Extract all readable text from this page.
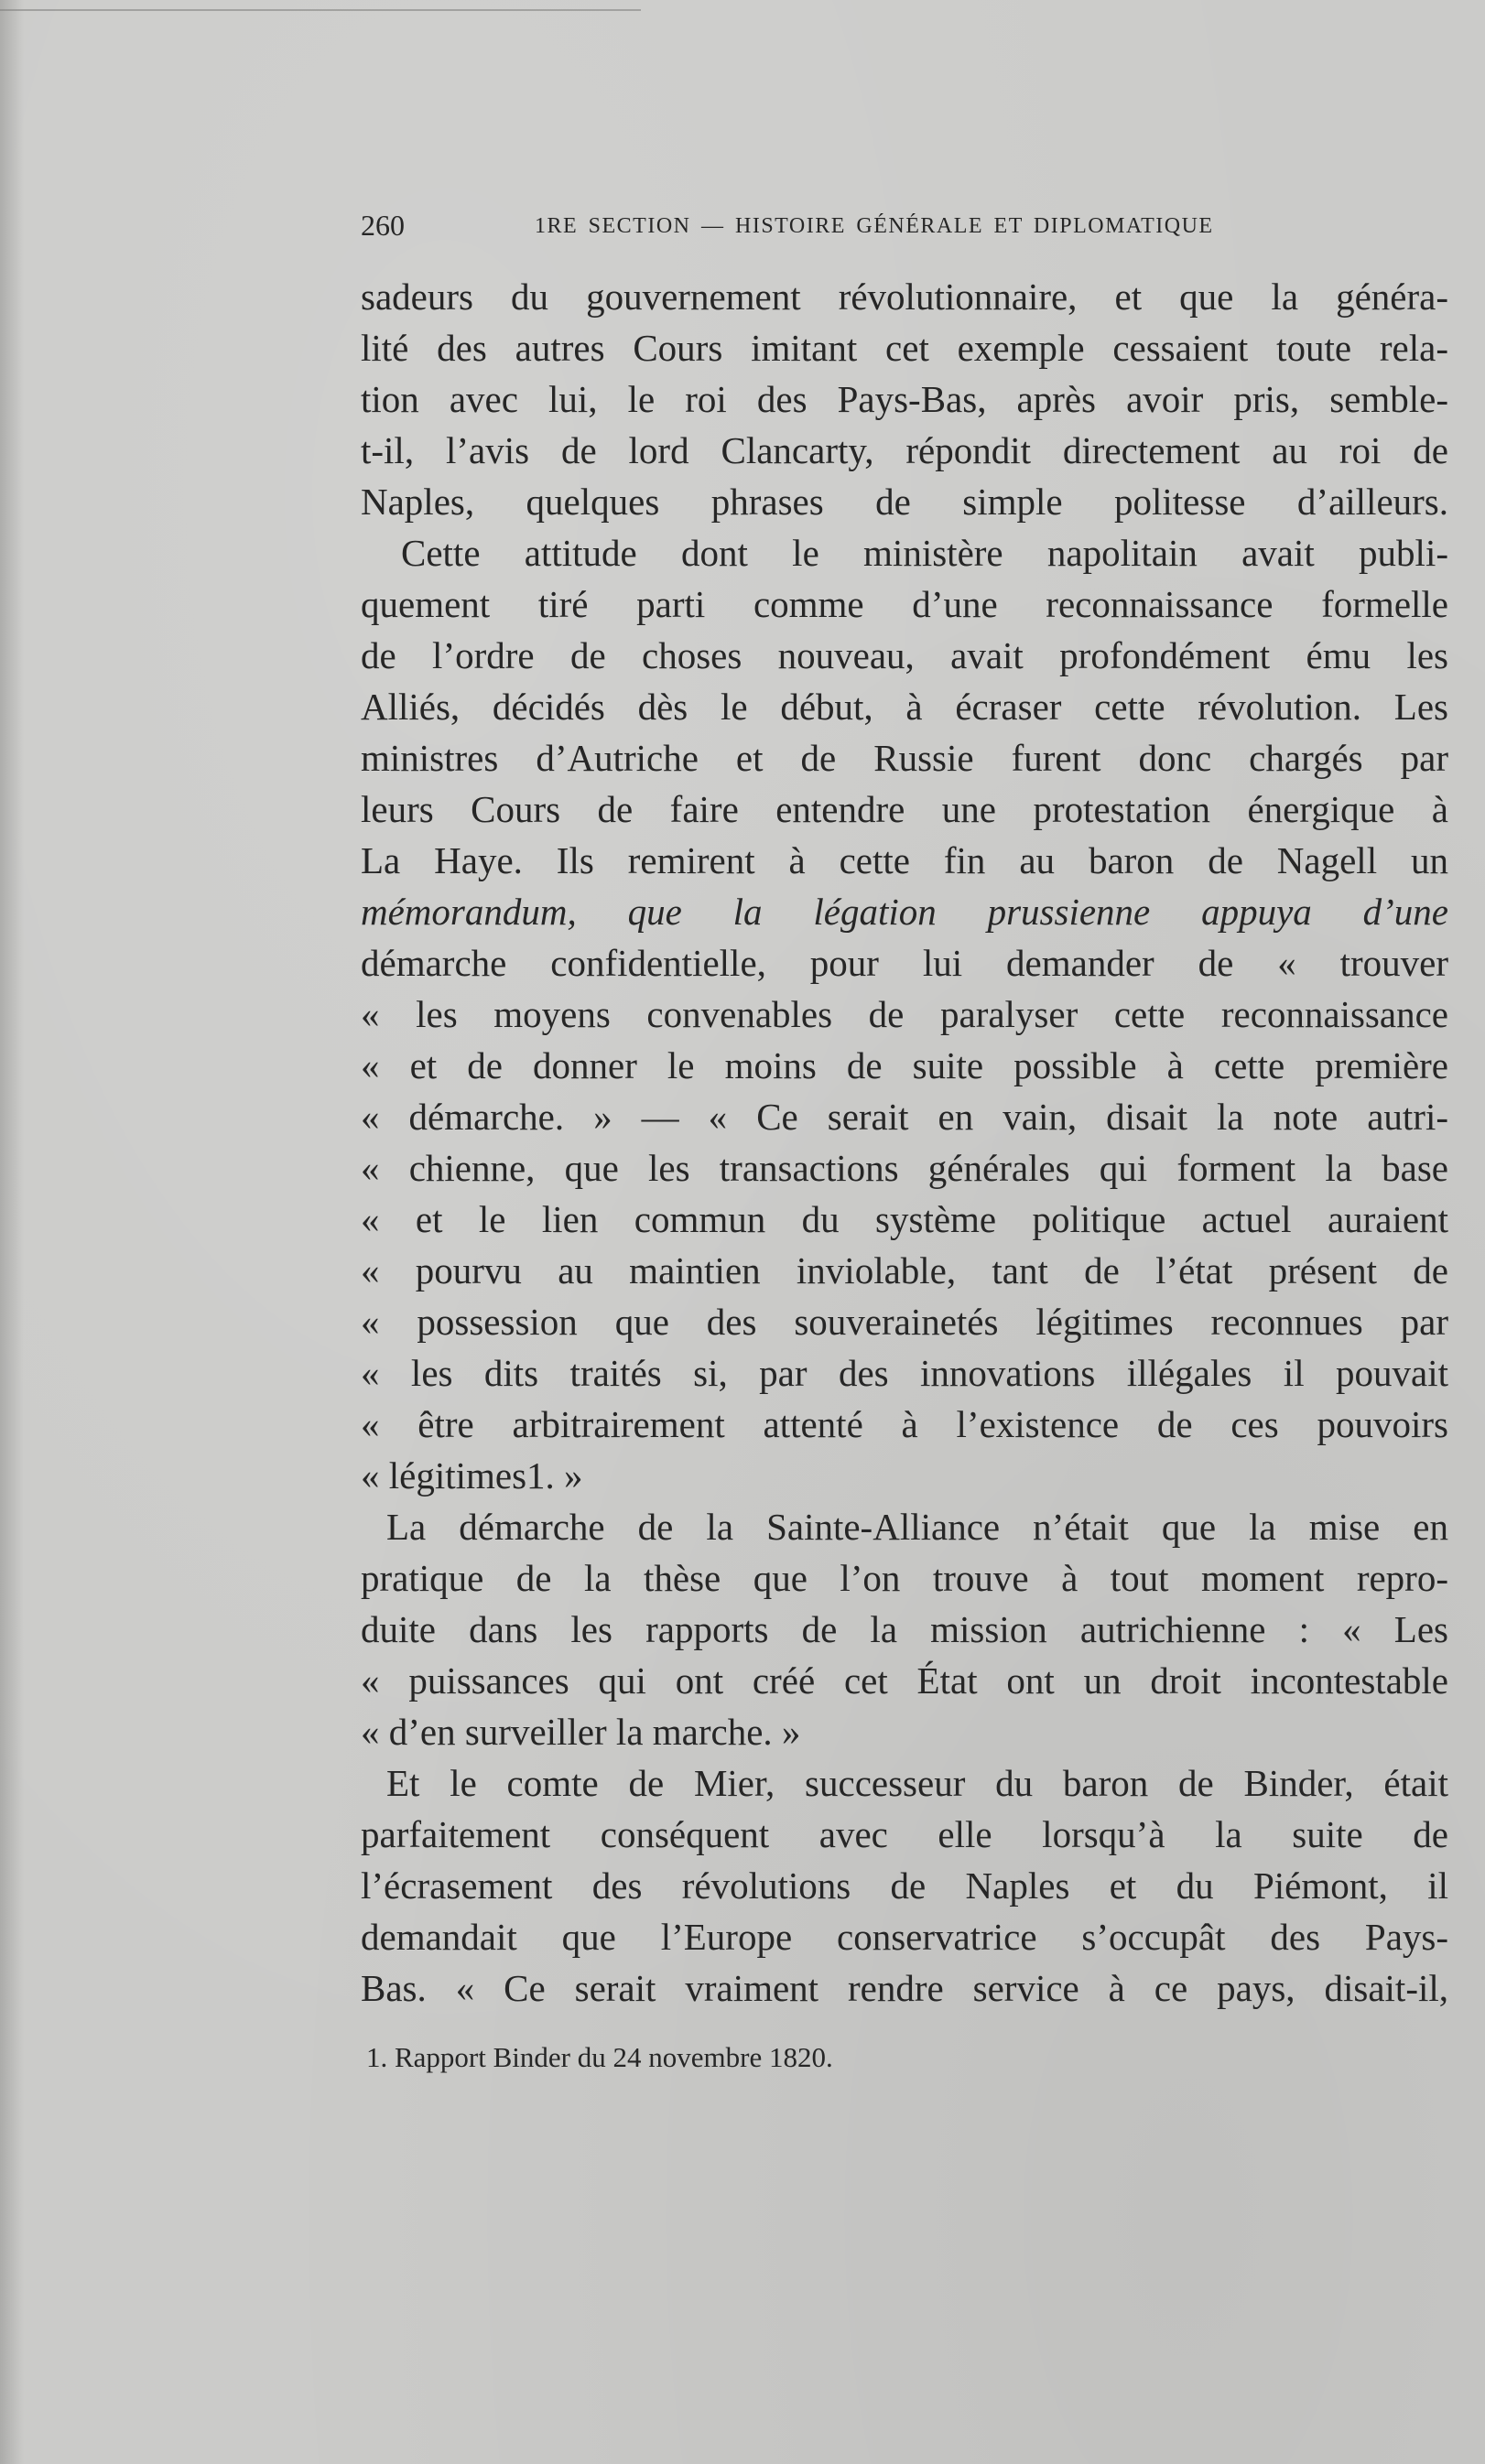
260	1RE SECTION — HISTOIRE GÉNÉRALE ET DIPLOMATIQUE
sadeurs du gouvernement révolutionnaire, et que la généra-
lité des autres Cours imitant cet exemple cessaient toute rela-
tion avec lui, le roi des Pays-Bas, après avoir pris, semble-
t-il, l’avis de lord Clancarty, répondit directement au roi de
Naples, quelques phrases de simple politesse d’ailleurs.
Cette attitude dont le ministère napolitain avait publi-
quement tiré parti comme d’une reconnaissance formelle
de l’ordre de choses nouveau, avait profondément ému les
Alliés, décidés dès le début, à écraser cette révolution. Les
ministres d’Autriche et de Russie furent donc chargés par
leurs Cours de faire entendre une protestation énergique à
La Haye. Ils remirent à cette fin au baron de Nagell un
mémorandum, que la légation prussienne appuya d’une
démarche confidentielle, pour lui demander de « trouver
« les moyens convenables de paralyser cette reconnaissance
« et de donner le moins de suite possible à cette première
« démarche. » — « Ce serait en vain, disait la note autri-
« chienne, que les transactions générales qui forment la base
« et le lien commun du système politique actuel auraient
« pourvu au maintien inviolable, tant de l’état présent de
« possession que des souverainetés légitimes reconnues par
« les dits traités si, par des innovations illégales il pouvait
« être arbitrairement attenté à l’existence de ces pouvoirs
« légitimes1. »
La démarche de la Sainte-Alliance n’était que la mise en
pratique de la thèse que l’on trouve à tout moment repro-
duite dans les rapports de la mission autrichienne : « Les
« puissances qui ont créé cet État ont un droit incontestable
« d’en surveiller la marche. »
Et le comte de Mier, successeur du baron de Binder, était
parfaitement conséquent avec elle lorsqu’à la suite de
l’écrasement des révolutions de Naples et du Piémont, il
demandait que l’Europe conservatrice s’occupât des Pays-
Bas. « Ce serait vraiment rendre service à ce pays, disait-il,
1. Rapport Binder du 24 novembre 1820.
